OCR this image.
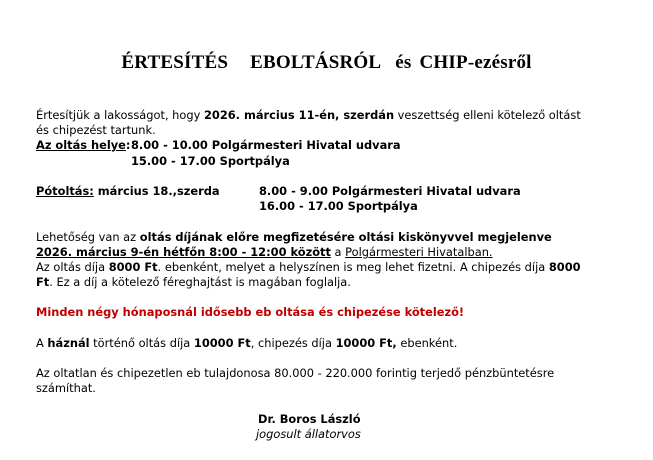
ÉRTESÍTÉS EBOLTÁSRÓL és CHIP-ezésről
Értesítjük a lakosságot, hogy 2026. március 11-én, szerdán veszettség elleni kötelező oltást
és chipezést tartunk.
Az oltás helye:8.00 - 10.00 Polgármesteri Hivatal udvara
15.00 - 17.00 Sportpálya
Pótoltás: március 18.,szerda	8.00 - 9.00 Polgármesteri Hivatal udvara
16.00 - 17.00 Sportpálya
Lehetőség van az oltás díjának előre megfizetésére oltási kiskönyvvel megjelenve
2026. március 9-én hétfőn 8:00 - 12:00 között a Polgármesteri Hivatalban.
Az oltás díja 8000 Ft. ebenként, melyet a helyszínen is meg lehet fizetni. A chipezés díja 8000
Ft. Ez a díj a kötelező féreghajtást is magában foglalja.
Minden négy hónaposnál idősebb eb oltása és chipezése kötelező!
A háznál történő oltás díja 10000 Ft, chipezés díja 10000 Ft, ebenként.
Az oltatlan és chipezetlen eb tulajdonosa 80.000 - 220.000 forintig terjedő pénzbüntetésre
számíthat.
Dr. Boros László
jogosult állatorvos
